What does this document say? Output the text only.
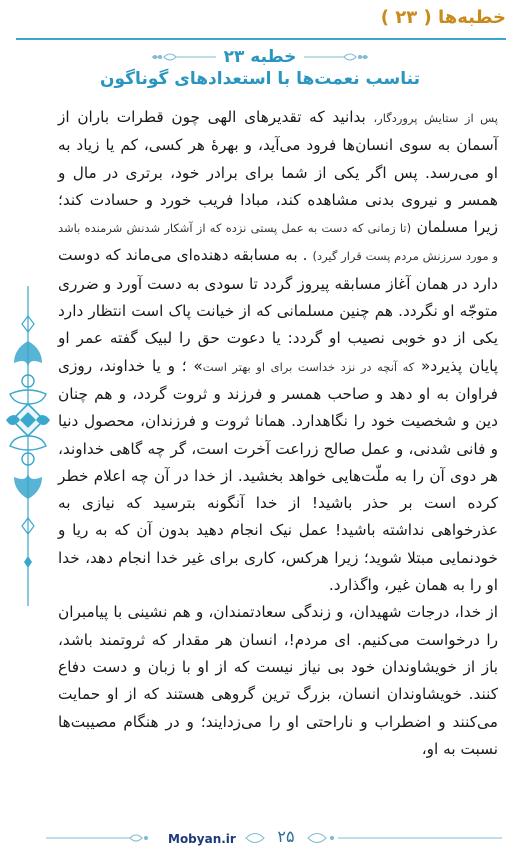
خطبه‌ها ( ۲۳ )
خطبه ۲۳
تناسب نعمت‌ها با استعدادهای گوناگون

پس از ستایش پروردگار، بدانید که تقدیرهای الهی چون قطرات باران از آسمان به سوی انسان‌ها فرود می‌آید، و بهرهٔ هر کسی، کم یا زیاد به او می‌رسد. پس اگر یکی از شما برای برادر خود، برتری در مال و همسر و نیروی بدنی مشاهده کند، مبادا فریب خورد و حسادت کند؛ زیرا مسلمان (تا زمانی که دست به عمل پستی نزده که از آشکار شدنش شرمنده باشد و مورد سرزنش مردم پست قرار گیرد) . به مسابقه دهنده‌ای می‌ماند که دوست دارد در همان آغاز مسابقه پیروز گردد تا سودی به دست آورد و ضرری متوجّه او نگردد. هم چنین مسلمانی که از خیانت پاک است انتظار دارد یکی از دو خوبی نصیب او گردد: یا دعوت حق را لبیک گفته عمر او پایان پذیرد« که آنچه در نزد خداست برای او بهتر است» ؛ و یا خداوند، روزی فراوان به او دهد و صاحب همسر و فرزند و ثروت گردد، و هم چنان دین و شخصیت خود را نگاهدارد. همانا ثروت و فرزندان، محصول دنیا و فانی شدنی، و عمل صالح زراعت آخرت است، گر چه گاهی خداوند، هر دوی آن را به ملّت‌هایی خواهد بخشید. از خدا در آن چه اعلام خطر کرده است بر حذر باشید! از خدا آنگونه بترسید که نیازی به عذرخواهی نداشته باشید! عمل نیک انجام دهید بدون آن که به ریا و خودنمایی مبتلا شوید؛ زیرا هرکس، کاری برای غیر خدا انجام دهد، خدا او را به همان غیر، واگذارد.

از خدا، درجات شهیدان، و زندگی سعادتمندان، و هم نشینی با پیامبران را درخواست می‌کنیم. ای مردم!، انسان هر مقدار که ثروتمند باشد، باز از خویشاوندان خود بی نیاز نیست که از او با زبان و دست دفاع کنند. خویشاوندان انسان، بزرگ ترین گروهی هستند که از او حمایت می‌کنند و اضطراب و ناراحتی او را می‌زدایند؛ و در هنگام مصیبت‌ها نسبت به او،

Mobyan.ir	۲۵
